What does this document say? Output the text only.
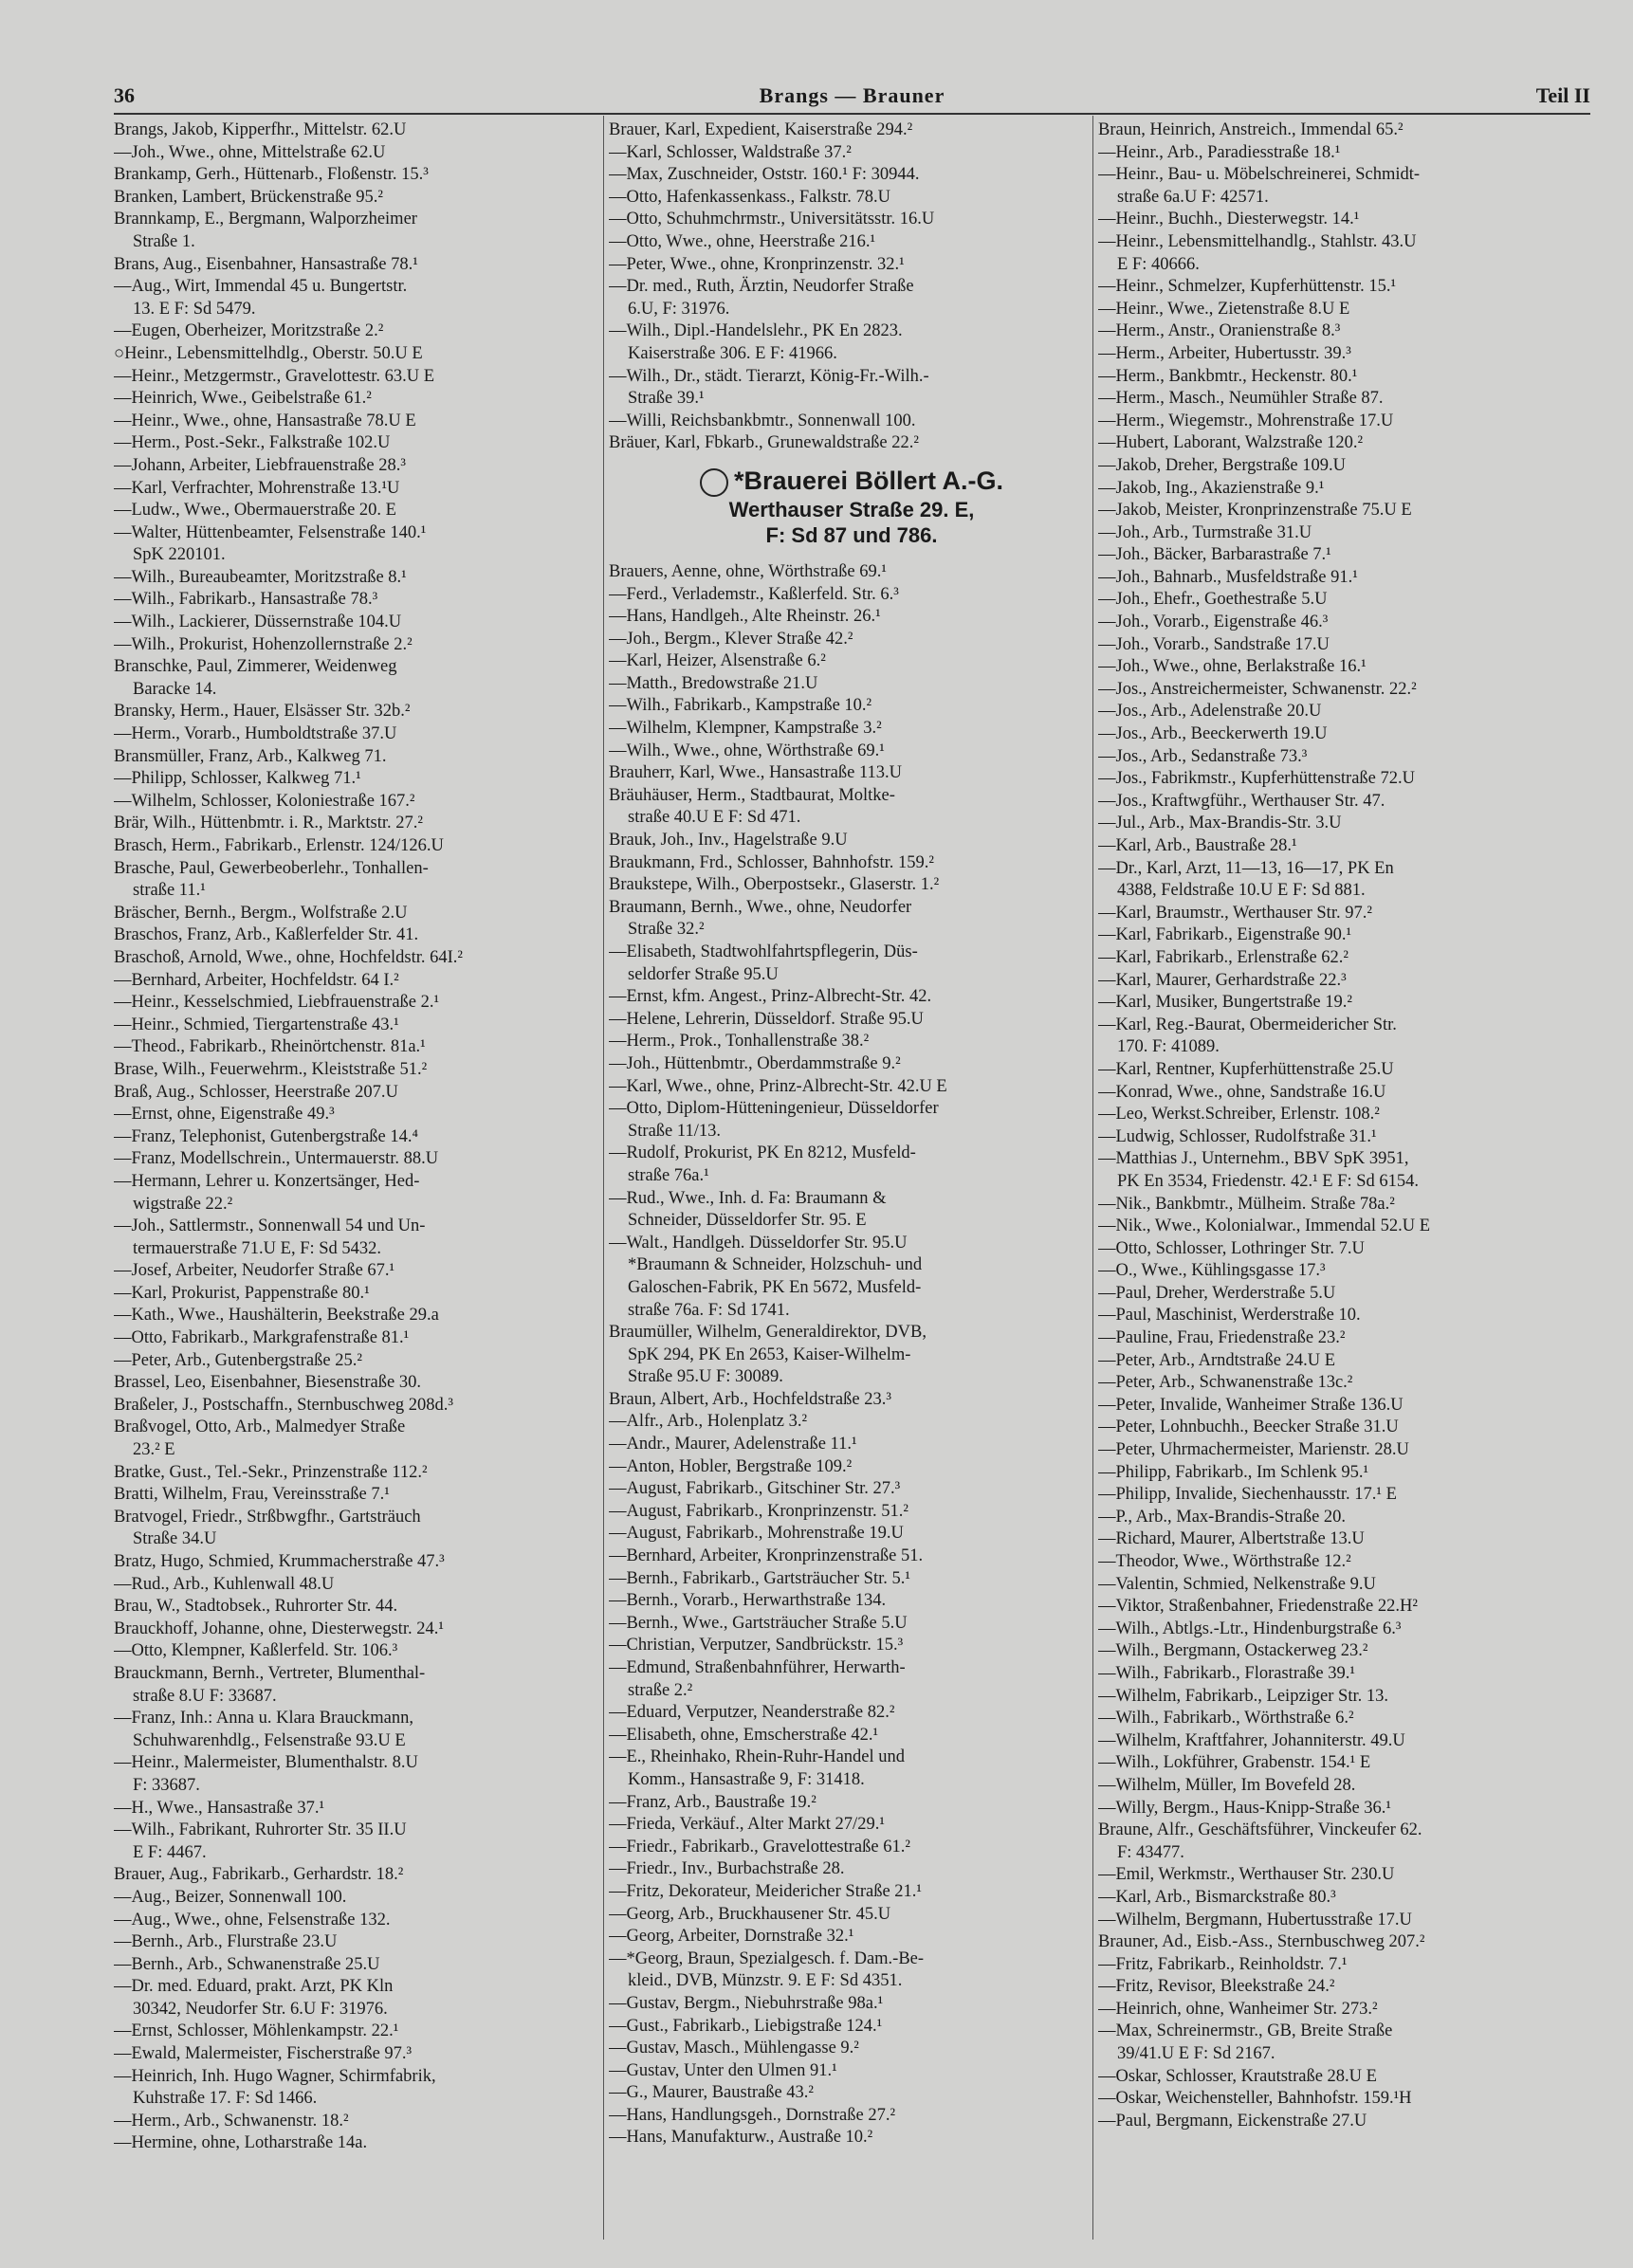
36	Brangs — Brauner	Teil II
Brangs, Jakob, Kipperfhr., Mittelstr. 62.U
—Joh., Wwe., ohne, Mittelstraße 62.U
Brankamp, Gerh., Hüttenarb., Floßenstr. 15.³
Branken, Lambert, Brückenstraße 95.²
Brannkamp, E., Bergmann, Walporzheimer
Straße 1.
Brans, Aug., Eisenbahner, Hansastraße 78.¹
—Aug., Wirt, Immendal 45 u. Bungertstr.
13. E F: Sd 5479.
—Eugen, Oberheizer, Moritzstraße 2.²
○Heinr., Lebensmittelhdlg., Oberstr. 50.U E
—Heinr., Metzgermstr., Gravelottestr. 63.U E
—Heinrich, Wwe., Geibelstraße 61.²
—Heinr., Wwe., ohne, Hansastraße 78.U E
—Herm., Post.-Sekr., Falkstraße 102.U
—Johann, Arbeiter, Liebfrauenstraße 28.³
—Karl, Verfrachter, Mohrenstraße 13.¹U
—Ludw., Wwe., Obermauerstraße 20. E
—Walter, Hüttenbeamter, Felsenstraße 140.¹
SpK 220101.
—Wilh., Bureaubeamter, Moritzstraße 8.¹
—Wilh., Fabrikarb., Hansastraße 78.³
—Wilh., Lackierer, Düssernstraße 104.U
—Wilh., Prokurist, Hohenzollernstraße 2.²
Branschke, Paul, Zimmerer, Weidenweg
Baracke 14.
Bransky, Herm., Hauer, Elsässer Str. 32b.²
—Herm., Vorarb., Humboldtstraße 37.U
Bransmüller, Franz, Arb., Kalkweg 71.
—Philipp, Schlosser, Kalkweg 71.¹
—Wilhelm, Schlosser, Koloniestraße 167.²
Brär, Wilh., Hüttenbmtr. i. R., Marktstr. 27.²
Brasch, Herm., Fabrikarb., Erlenstr. 124/126.U
Brasche, Paul, Gewerbeoberlehr., Tonhallen-
straße 11.¹
Bräscher, Bernh., Bergm., Wolfstraße 2.U
Braschos, Franz, Arb., Kaßlerfelder Str. 41.
Braschoß, Arnold, Wwe., ohne, Hochfeldstr. 64I.²
—Bernhard, Arbeiter, Hochfeldstr. 64 I.²
—Heinr., Kesselschmied, Liebfrauenstraße 2.¹
—Heinr., Schmied, Tiergartenstraße 43.¹
—Theod., Fabrikarb., Rheinörtchenstr. 81a.¹
Brase, Wilh., Feuerwehrm., Kleiststraße 51.²
Braß, Aug., Schlosser, Heerstraße 207.U
—Ernst, ohne, Eigenstraße 49.³
—Franz, Telephonist, Gutenbergstraße 14.⁴
—Franz, Modellschrein., Untermauerstr. 88.U
—Hermann, Lehrer u. Konzertsänger, Hed-
wigstraße 22.²
—Joh., Sattlermstr., Sonnenwall 54 und Un-
termauerstraße 71.U E, F: Sd 5432.
—Josef, Arbeiter, Neudorfer Straße 67.¹
—Karl, Prokurist, Pappenstraße 80.¹
—Kath., Wwe., Haushälterin, Beekstraße 29.a
—Otto, Fabrikarb., Markgrafenstraße 81.¹
—Peter, Arb., Gutenbergstraße 25.²
Brassel, Leo, Eisenbahner, Biesenstraße 30.
Braßeler, J., Postschaffn., Sternbuschweg 208d.³
Braßvogel, Otto, Arb., Malmedyer Straße
23.² E
Bratke, Gust., Tel.-Sekr., Prinzenstraße 112.²
Bratti, Wilhelm, Frau, Vereinsstraße 7.¹
Bratvogel, Friedr., Strßbwgfhr., Gartsträuch
Straße 34.U
Bratz, Hugo, Schmied, Krummacherstraße 47.³
—Rud., Arb., Kuhlenwall 48.U
Brau, W., Stadtobsek., Ruhrorter Str. 44.
Brauckhoff, Johanne, ohne, Diesterwegstr. 24.¹
—Otto, Klempner, Kaßlerfeld. Str. 106.³
Brauckmann, Bernh., Vertreter, Blumenthal-
straße 8.U F: 33687.
—Franz, Inh.: Anna u. Klara Brauckmann,
Schuhwarenhdlg., Felsenstraße 93.U E
—Heinr., Malermeister, Blumenthalstr. 8.U
F: 33687.
—H., Wwe., Hansastraße 37.¹
—Wilh., Fabrikant, Ruhrorter Str. 35 II.U
E F: 4467.
Brauer, Aug., Fabrikarb., Gerhardstr. 18.²
—Aug., Beizer, Sonnenwall 100.
—Aug., Wwe., ohne, Felsenstraße 132.
—Bernh., Arb., Flurstraße 23.U
—Bernh., Arb., Schwanenstraße 25.U
—Dr. med. Eduard, prakt. Arzt, PK Kln
30342, Neudorfer Str. 6.U F: 31976.
—Ernst, Schlosser, Möhlenkampstr. 22.¹
—Ewald, Malermeister, Fischerstraße 97.³
—Heinrich, Inh. Hugo Wagner, Schirmfabrik,
Kuhstraße 17. F: Sd 1466.
—Herm., Arb., Schwanenstr. 18.²
—Hermine, ohne, Lotharstraße 14a.
Brauer, Karl, Expedient, Kaiserstraße 294.²
—Karl, Schlosser, Waldstraße 37.²
—Max, Zuschneider, Oststr. 160.¹ F: 30944.
—Otto, Hafenkassenkass., Falkstr. 78.U
—Otto, Schuhmchrmstr., Universitätsstr. 16.U
—Otto, Wwe., ohne, Heerstraße 216.¹
—Peter, Wwe., ohne, Kronprinzenstr. 32.¹
—Dr. med., Ruth, Ärztin, Neudorfer Straße
6.U, F: 31976.
—Wilh., Dipl.-Handelslehr., PK En 2823.
Kaiserstraße 306. E F: 41966.
—Wilh., Dr., städt. Tierarzt, König-Fr.-Wilh.-
Straße 39.¹
—Willi, Reichsbankbmtr., Sonnenwall 100.
Bräuer, Karl, Fbkarb., Grunewaldstraße 22.²
*Brauerei Böllert A.-G.
Werthauser Straße 29. E,
F: Sd 87 und 786.
Brauers, Aenne, ohne, Wörthstraße 69.¹
—Ferd., Verlademstr., Kaßlerfeld. Str. 6.³
—Hans, Handlgeh., Alte Rheinstr. 26.¹
—Joh., Bergm., Klever Straße 42.²
—Karl, Heizer, Alsenstraße 6.²
—Matth., Bredowstraße 21.U
—Wilh., Fabrikarb., Kampstraße 10.²
—Wilhelm, Klempner, Kampstraße 3.²
—Wilh., Wwe., ohne, Wörthstraße 69.¹
Brauherr, Karl, Wwe., Hansastraße 113.U
Bräuhäuser, Herm., Stadtbaurat, Moltke-
straße 40.U E F: Sd 471.
Brauk, Joh., Inv., Hagelstraße 9.U
Braukmann, Frd., Schlosser, Bahnhofstr. 159.²
Braukstepe, Wilh., Oberpostsekr., Glaserstr. 1.²
Braumann, Bernh., Wwe., ohne, Neudorfer
Straße 32.²
—Elisabeth, Stadtwohlfahrtspflegerin, Düs-
seldorfer Straße 95.U
—Ernst, kfm. Angest., Prinz-Albrecht-Str. 42.
—Helene, Lehrerin, Düsseldorf. Straße 95.U
—Herm., Prok., Tonhallenstraße 38.²
—Joh., Hüttenbmtr., Oberdammstraße 9.²
—Karl, Wwe., ohne, Prinz-Albrecht-Str. 42.U E
—Otto, Diplom-Hütteningenieur, Düsseldorfer
Straße 11/13.
—Rudolf, Prokurist, PK En 8212, Musfeld-
straße 76a.¹
—Rud., Wwe., Inh. d. Fa: Braumann &
Schneider, Düsseldorfer Str. 95. E
—Walt., Handlgeh. Düsseldorfer Str. 95.U
*Braumann & Schneider, Holzschuh- und
Galoschen-Fabrik, PK En 5672, Musfeld-
straße 76a. F: Sd 1741.
Braumüller, Wilhelm, Generaldirektor, DVB,
SpK 294, PK En 2653, Kaiser-Wilhelm-
Straße 95.U F: 30089.
Braun, Albert, Arb., Hochfeldstraße 23.³
—Alfr., Arb., Holenplatz 3.²
—Andr., Maurer, Adelenstraße 11.¹
—Anton, Hobler, Bergstraße 109.²
—August, Fabrikarb., Gitschiner Str. 27.³
—August, Fabrikarb., Kronprinzenstr. 51.²
—August, Fabrikarb., Mohrenstraße 19.U
—Bernhard, Arbeiter, Kronprinzenstraße 51.
—Bernh., Fabrikarb., Gartsträucher Str. 5.¹
—Bernh., Vorarb., Herwarthstraße 134.
—Bernh., Wwe., Gartsträucher Straße 5.U
—Christian, Verputzer, Sandbrückstr. 15.³
—Edmund, Straßenbahnführer, Herwarth-
straße 2.²
—Eduard, Verputzer, Neanderstraße 82.²
—Elisabeth, ohne, Emscherstraße 42.¹
—E., Rheinhako, Rhein-Ruhr-Handel und
Komm., Hansastraße 9, F: 31418.
—Franz, Arb., Baustraße 19.²
—Frieda, Verkäuf., Alter Markt 27/29.¹
—Friedr., Fabrikarb., Gravelottestraße 61.²
—Friedr., Inv., Burbachstraße 28.
—Fritz, Dekorateur, Meidericher Straße 21.¹
—Georg, Arb., Bruckhausener Str. 45.U
—Georg, Arbeiter, Dornstraße 32.¹
—*Georg, Braun, Spezialgesch. f. Dam.-Be-
kleid., DVB, Münzstr. 9. E F: Sd 4351.
—Gustav, Bergm., Niebuhrstraße 98a.¹
—Gust., Fabrikarb., Liebigstraße 124.¹
—Gustav, Masch., Mühlengasse 9.²
—Gustav, Unter den Ulmen 91.¹
—G., Maurer, Baustraße 43.²
—Hans, Handlungsgeh., Dornstraße 27.²
—Hans, Manufakturw., Austraße 10.²
Braun, Heinrich, Anstreich., Immendal 65.²
—Heinr., Arb., Paradiesstraße 18.¹
—Heinr., Bau- u. Möbelschreinerei, Schmidt-
straße 6a.U F: 42571.
—Heinr., Buchh., Diesterwegstr. 14.¹
—Heinr., Lebensmittelhandlg., Stahlstr. 43.U
E F: 40666.
—Heinr., Schmelzer, Kupferhüttenstr. 15.¹
—Heinr., Wwe., Zietenstraße 8.U E
—Herm., Anstr., Oranienstraße 8.³
—Herm., Arbeiter, Hubertusstr. 39.³
—Herm., Bankbmtr., Heckenstr. 80.¹
—Herm., Masch., Neumühler Straße 87.
—Herm., Wiegemstr., Mohrenstraße 17.U
—Hubert, Laborant, Walzstraße 120.²
—Jakob, Dreher, Bergstraße 109.U
—Jakob, Ing., Akazienstraße 9.¹
—Jakob, Meister, Kronprinzenstraße 75.U E
—Joh., Arb., Turmstraße 31.U
—Joh., Bäcker, Barbarastraße 7.¹
—Joh., Bahnarb., Musfeldstraße 91.¹
—Joh., Ehefr., Goethestraße 5.U
—Joh., Vorarb., Eigenstraße 46.³
—Joh., Vorarb., Sandstraße 17.U
—Joh., Wwe., ohne, Berlakstraße 16.¹
—Jos., Anstreichermeister, Schwanenstr. 22.²
—Jos., Arb., Adelenstraße 20.U
—Jos., Arb., Beeckerwerth 19.U
—Jos., Arb., Sedanstraße 73.³
—Jos., Fabrikmstr., Kupferhüttenstraße 72.U
—Jos., Kraftwgführ., Werthauser Str. 47.
—Jul., Arb., Max-Brandis-Str. 3.U
—Karl, Arb., Baustraße 28.¹
—Dr., Karl, Arzt, 11—13, 16—17, PK En
4388, Feldstraße 10.U E F: Sd 881.
—Karl, Braumstr., Werthauser Str. 97.²
—Karl, Fabrikarb., Eigenstraße 90.¹
—Karl, Fabrikarb., Erlenstraße 62.²
—Karl, Maurer, Gerhardstraße 22.³
—Karl, Musiker, Bungertstraße 19.²
—Karl, Reg.-Baurat, Obermeidericher Str.
170. F: 41089.
—Karl, Rentner, Kupferhüttenstraße 25.U
—Konrad, Wwe., ohne, Sandstraße 16.U
—Leo, Werkst.Schreiber, Erlenstr. 108.²
—Ludwig, Schlosser, Rudolfstraße 31.¹
—Matthias J., Unternehm., BBV SpK 3951,
PK En 3534, Friedenstr. 42.¹ E F: Sd 6154.
—Nik., Bankbmtr., Mülheim. Straße 78a.²
—Nik., Wwe., Kolonialwar., Immendal 52.U E
—Otto, Schlosser, Lothringer Str. 7.U
—O., Wwe., Kühlingsgasse 17.³
—Paul, Dreher, Werderstraße 5.U
—Paul, Maschinist, Werderstraße 10.
—Pauline, Frau, Friedenstraße 23.²
—Peter, Arb., Arndtstraße 24.U E
—Peter, Arb., Schwanenstraße 13c.²
—Peter, Invalide, Wanheimer Straße 136.U
—Peter, Lohnbuchh., Beecker Straße 31.U
—Peter, Uhrmachermeister, Marienstr. 28.U
—Philipp, Fabrikarb., Im Schlenk 95.¹
—Philipp, Invalide, Siechenhausstr. 17.¹ E
—P., Arb., Max-Brandis-Straße 20.
—Richard, Maurer, Albertstraße 13.U
—Theodor, Wwe., Wörthstraße 12.²
—Valentin, Schmied, Nelkenstraße 9.U
—Viktor, Straßenbahner, Friedenstraße 22.H²
—Wilh., Abtlgs.-Ltr., Hindenburgstraße 6.³
—Wilh., Bergmann, Ostackerweg 23.²
—Wilh., Fabrikarb., Florastraße 39.¹
—Wilhelm, Fabrikarb., Leipziger Str. 13.
—Wilh., Fabrikarb., Wörthstraße 6.²
—Wilhelm, Kraftfahrer, Johanniterstr. 49.U
—Wilh., Lokführer, Grabenstr. 154.¹ E
—Wilhelm, Müller, Im Bovefeld 28.
—Willy, Bergm., Haus-Knipp-Straße 36.¹
Braune, Alfr., Geschäftsführer, Vinckeufer 62.
F: 43477.
—Emil, Werkmstr., Werthauser Str. 230.U
—Karl, Arb., Bismarckstraße 80.³
—Wilhelm, Bergmann, Hubertusstraße 17.U
Brauner, Ad., Eisb.-Ass., Sternbuschweg 207.²
—Fritz, Fabrikarb., Reinholdstr. 7.¹
—Fritz, Revisor, Bleekstraße 24.²
—Heinrich, ohne, Wanheimer Str. 273.²
—Max, Schreinermstr., GB, Breite Straße
39/41.U E F: Sd 2167.
—Oskar, Schlosser, Krautstraße 28.U E
—Oskar, Weichensteller, Bahnhofstr. 159.¹H
—Paul, Bergmann, Eickenstraße 27.U
